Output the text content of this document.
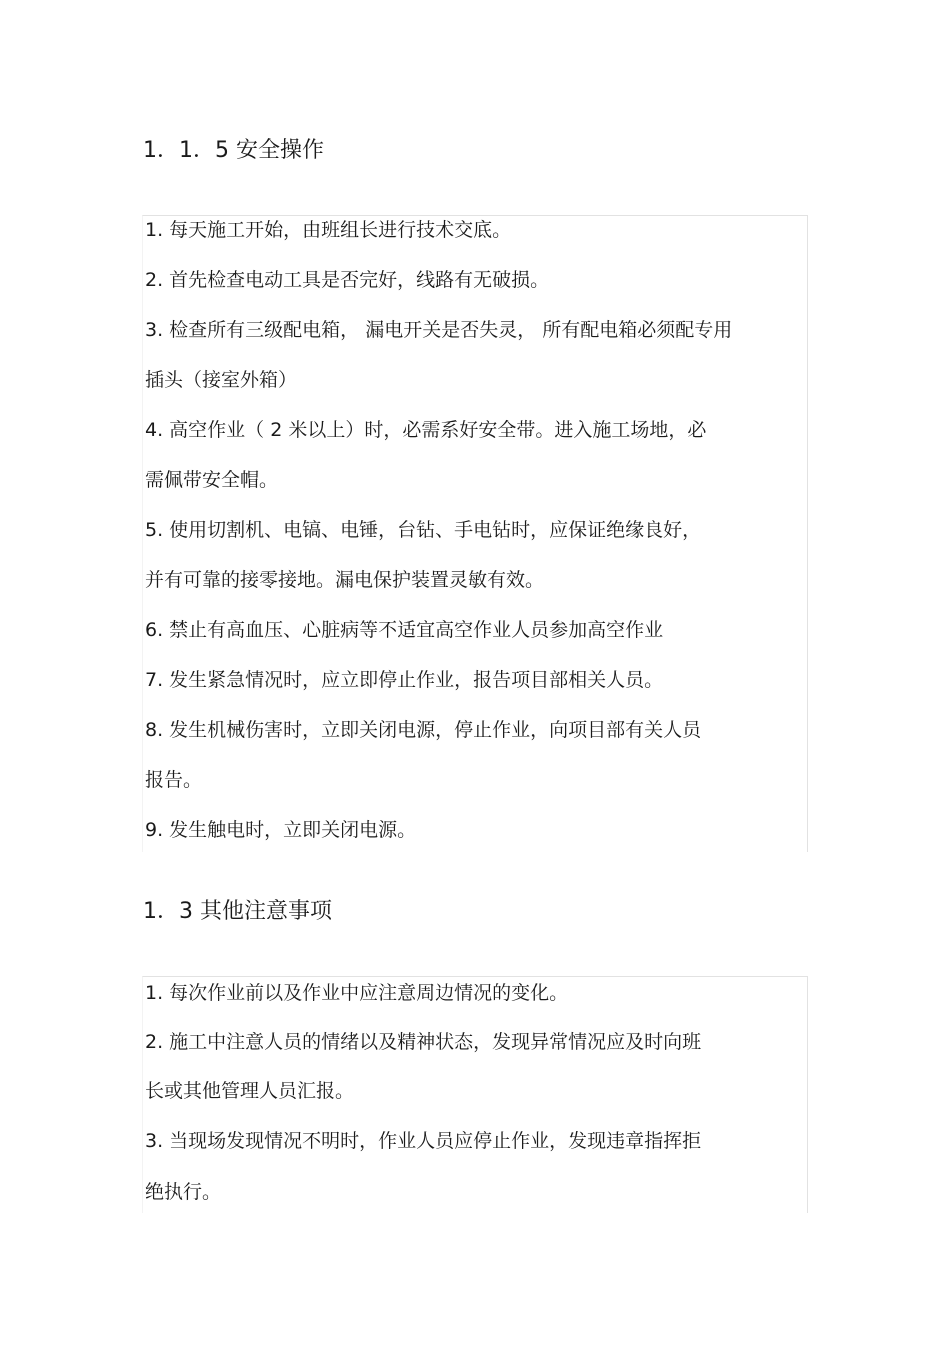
1．1．5 安全操作
1. 每天施工开始，由班组长进行技术交底。
2. 首先检查电动工具是否完好，线路有无破损。
3. 检查所有三级配电箱， 漏电开关是否失灵， 所有配电箱必须配专用
插头（接室外箱）
4. 高空作业（ 2 米以上）时，必需系好安全带。进入施工场地，必
需佩带安全帽。
5. 使用切割机、电镐、电锤，台钻、手电钻时，应保证绝缘良好，
并有可靠的接零接地。漏电保护装置灵敏有效。
6. 禁止有高血压、心脏病等不适宜高空作业人员参加高空作业
7. 发生紧急情况时，应立即停止作业，报告项目部相关人员。
8. 发生机械伤害时，立即关闭电源，停止作业，向项目部有关人员
报告。
9. 发生触电时，立即关闭电源。
1．3 其他注意事项
1. 每次作业前以及作业中应注意周边情况的变化。
2. 施工中注意人员的情绪以及精神状态，发现异常情况应及时向班
长或其他管理人员汇报。
3. 当现场发现情况不明时，作业人员应停止作业，发现违章指挥拒
绝执行。
